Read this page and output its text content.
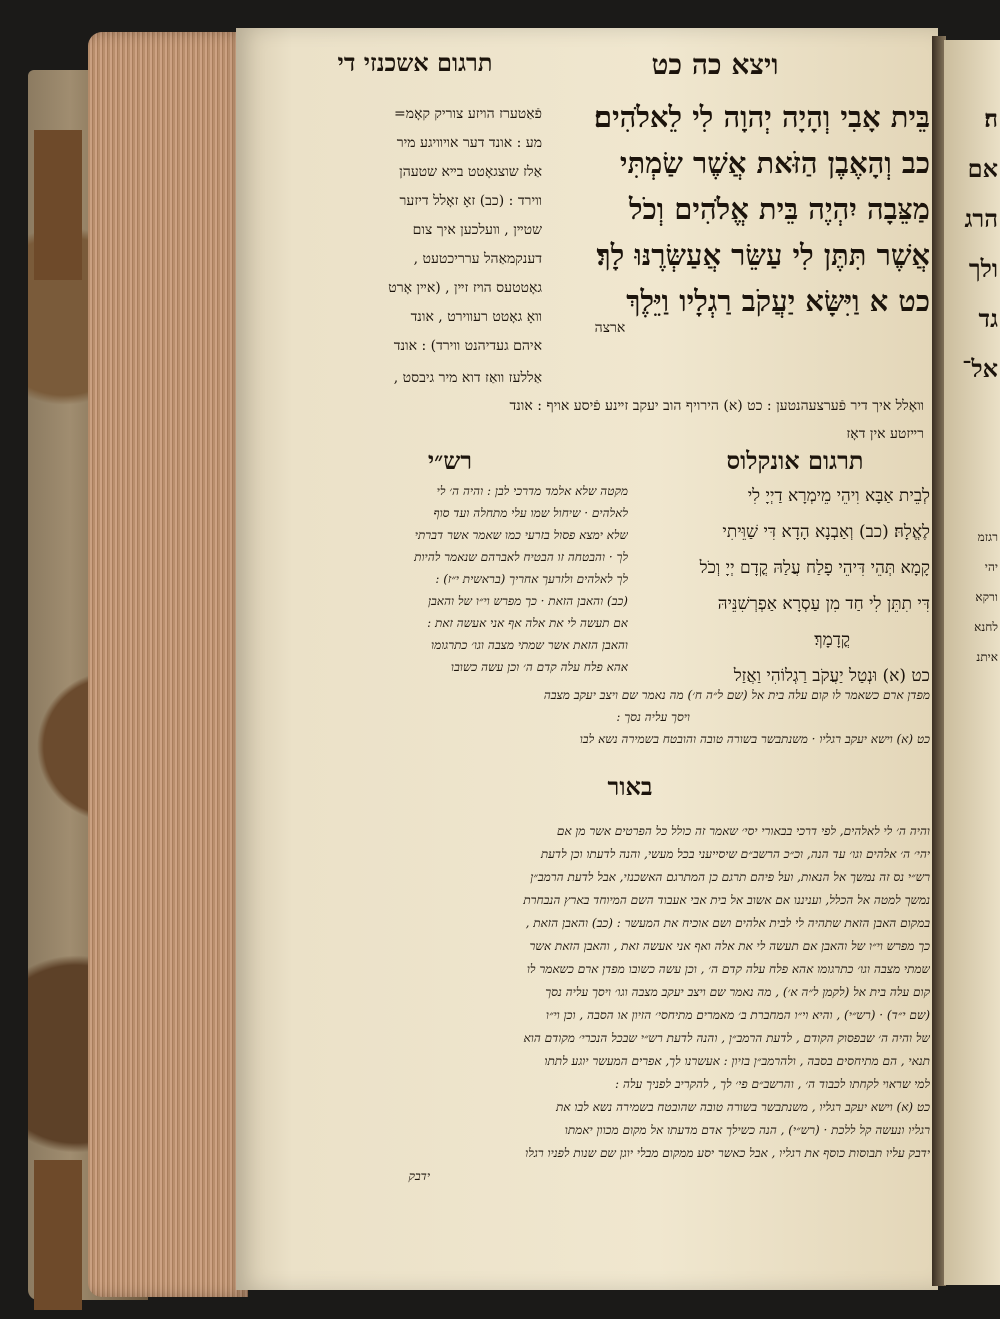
ה׃
אם
הרג
ולך
גד
אל־
רגזמ
יהי
ורקא
לחנא
איתנ
ויצא כה כט
תרגום אשכנזי די
בֵּית אָבִי וְהָיָה יְהוָה לִי לֵאלֹהִים׃
כב וְהָאֶבֶן הַזֹּאת אֲשֶׁר שַׂמְתִּי
מַצֵּבָה יִהְיֶה בֵּית אֱלֹהִים וְכֹל
אֲשֶׁר תִּתֶּן לִי עַשֵּׂר אֲעַשְּׂרֶנּוּ לָךְ׃
כט א וַיִּשָּׂא יַעֲקֹב רַגְלָיו וַיֵּלֶךְ
ארצה
פֿאַטערז הױזע צוריק קאָמ=
מע : אונד דער אױװיגע מיר
אַלז שוצגאָטט בײא שטעהן
װירד : (כב) זאָ זאָלל דיזער
שטײן , װעלכען איך צום
דענקמאַהל ערריכטעט ,
גאָטטעס הױז זײן , (אײן אָרט
װאָ גאָטט רעװירט , אונד
איהם געדיהנט װירד) : אונד
אַללעז װאַז דוא מיר גיבסט ,
װאָלל איך דיר פֿערצעהנטען : כט (א) הירויף הוב יעקב זײנע פֿיסע אויף : אונד
רײזטע אין דאָז
תרגום אונקלוס
רש״י
לְבֵית אַבָּא וִיהֵי מֵימְרָא דַיְיָ לִי
לֶאֱלָהּ׃ (כב) וְאַבְנָא הָדָא דִּי שַׁוֵּיתִי
קָמָא תְּהֵי דִּיהֵי פָלַח עֲלַהּ קֳדָם יְיָ וְכֹל
דִּי תִתֵּן לִי חַד מִן עַסְרָא אַפְרְשִׁנֵּיהּ
קֳדָמָךְ׃
כט (א) וּנְטַל יַעֲקֹב רַגְלוֹהִי וַאֲזַל
מקטה שלא אלמד מדרכי לבן : והיה ה׳ לי
לאלהים · שיחול שמו עלי מתחלה ועד סוף
שלא ימצא פסול בזרעי כמו שאמר אשר דברתי
לך · והבטחה זו הבטיח לאברהם שנאמר להיות
לך לאלהים ולזרעך אחריך (בראשית י״ז) :
(כב) והאבן הזאת · כך מפרש וי״ו של והאבן
אם תעשה לי את אלה אף אני אעשה זאת :
והאבן הזאת אשר שמתי מצבה וגו׳ כתרגומו
אהא פלח עלה קדם ה׳ וכן עשה כשובו
מפדן ארם כשאמר לו קום עלה בית אל (שם ל״ה ח׳) מה נאמר שם ויצב יעקב מצבה
ויסך עליה נסך :
כט (א) וישא יעקב רגליו · משנתבשר בשורה טובה והובטח בשמירה נשא לבו
באור
והיה ה׳ לי לאלהים, לפי דרכי בבאורי יסי׳ שאמר זה כולל כל הפרטים אשר מן אם
יהי׳ ה׳ אלהים וגו׳ עד הנה, וכ״כ הרשב״ם שיסייעני בכל מעשי, והנה לדעתו וכן לדעת
רש״י נס זה נמשך אל הנאות, ועל פיהם תרגם כן המתרגם האשכנזי, אבל לדעת הרמב״ן
נמשך למטה אל הכלל, ועניננו אם אשוב אל בית אבי אעבוד השם המיוחד בארץ הנבחרת
במקום האבן הזאת שתהיה לי לבית אלהים ושם אוכיח את המעשר : (כב) והאבן הזאת ,
כך מפרש וי״ו של והאבן אם תעשה לי את אלה ואף אני אעשה זאת , והאבן הזאת אשר
שמתי מצבה וגו׳ כתרגומו אהא פלח עלה קדם ה׳ , וכן עשה כשובו מפדן ארם כשאמר לו
קום עלה בית אל (לקמן ל״ה א׳) , מה נאמר שם ויצב יעקב מצבה וגו׳ ויסך עליה נסך
(שם י״ד) · (רש״י) , והיא וי״ו המחברת ב׳ מאמרים מתיחסי׳ הזיון או הסבה , וכן וי״ו
של והיה ה׳ שבפסוק הקודם , לדעת הרמב״ן , והנה לדעת רש״י שבכל הנכרי׳ מקודם הוא
תנאי , הם מתיחסים בסבה , ולהרמב״ן בזיון : אעשרנו לך, אפרים המעשר יוגע לתתו
למי שראוי לקחתו לכבוד ה׳ , והרשב״ם פי׳ לך , להקריב לפניך עלה :
כט (א) וישא יעקב רגליו , משנתבשר בשורה טובה שהובטח בשמירה נשא לבו את
רגליו ונעשה קל ללכת · (רש״י) , הנה כשילך אדם מדעתו אל מקום מכוון יאמתו
ידבק עליו תבוסות כוסף את רגליו , אבל כאשר יסע ממקום מבלי יוגן שם שנות לפניו רגלו
ידבק
